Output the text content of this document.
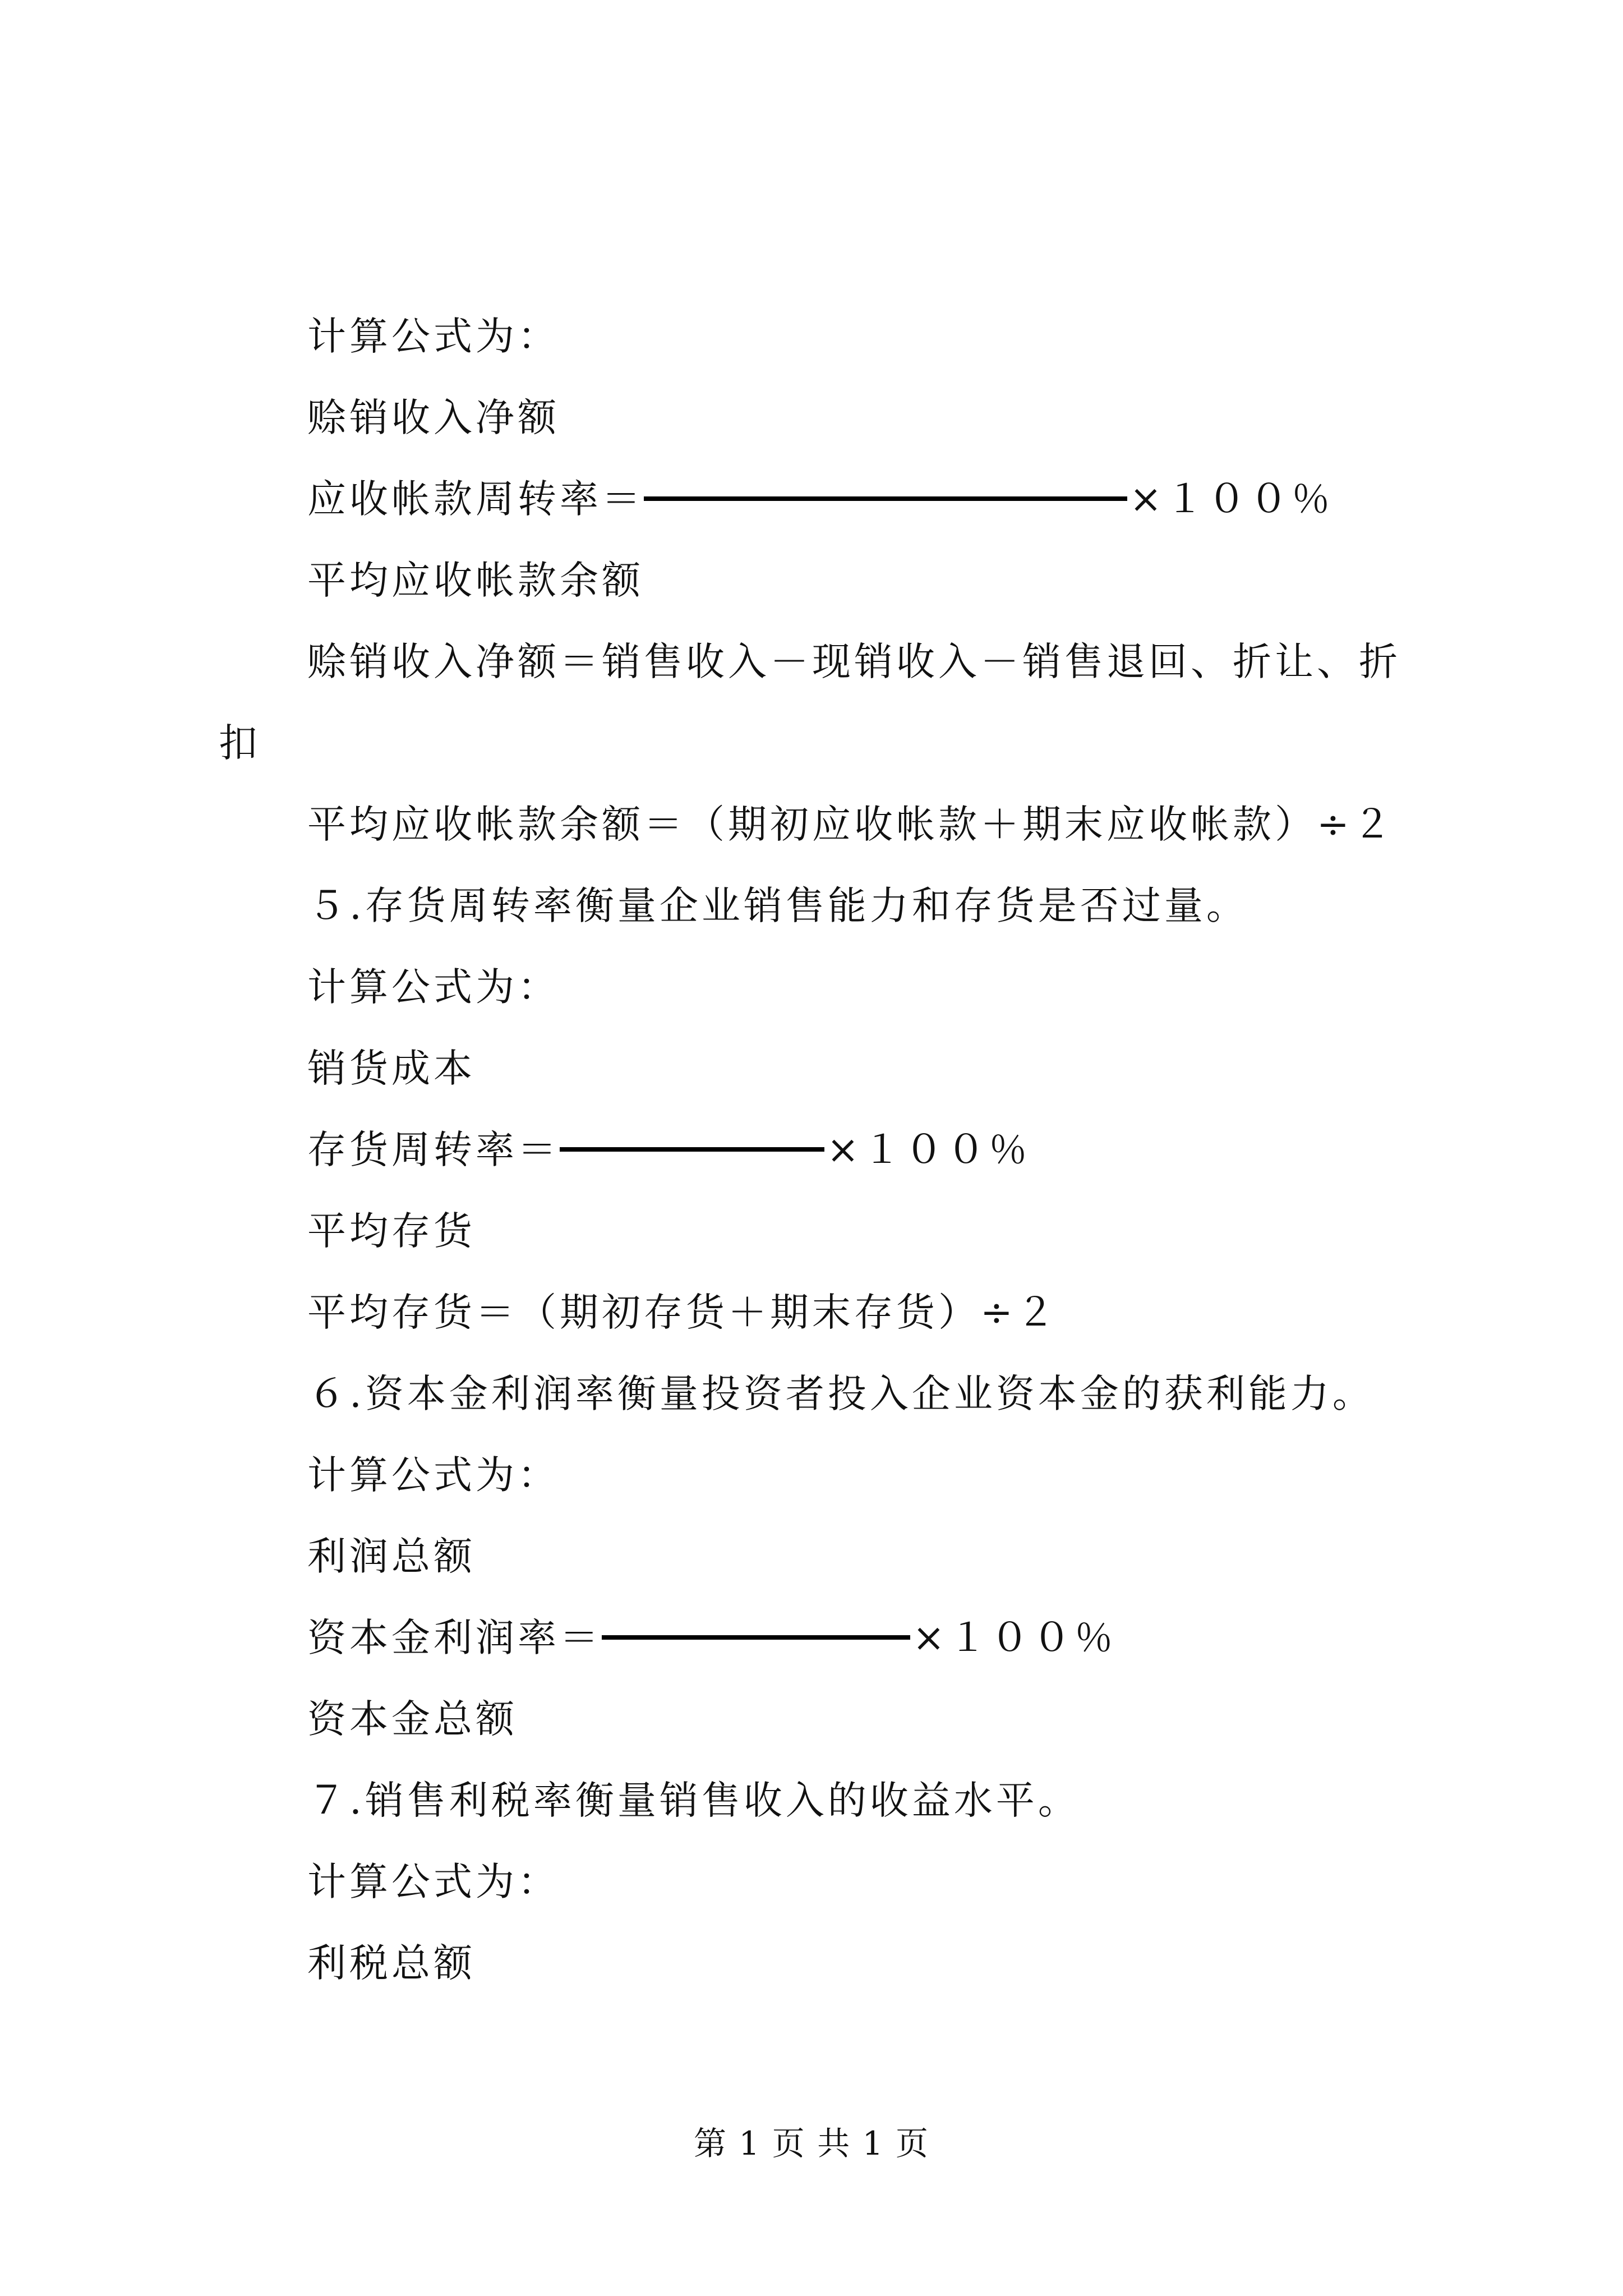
计算公式为：
赊销收入净额
应收帐款周转率＝	×１００％
平均应收帐款余额
赊销收入净额＝销售收入－现销收入－销售退回、折让、折
扣
平均应收帐款余额＝（期初应收帐款＋期末应收帐款）÷２
５.存货周转率衡量企业销售能力和存货是否过量。
计算公式为：
销货成本
存货周转率＝	×１００％
平均存货
平均存货＝（期初存货＋期末存货）÷２
６.资本金利润率衡量投资者投入企业资本金的获利能力。
计算公式为：
利润总额
资本金利润率＝	×１００％
资本金总额
７.销售利税率衡量销售收入的收益水平。
计算公式为：
利税总额
第 1 页 共 1 页
